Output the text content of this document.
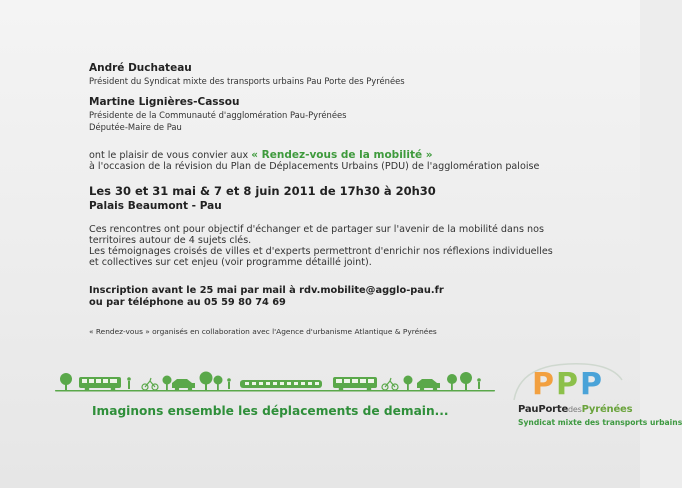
André Duchateau
Président du Syndicat mixte des transports urbains Pau Porte des Pyrénées
Martine Lignières-Cassou
Présidente de la Communauté d'agglomération Pau-Pyrénées
Députée-Maire de Pau
ont le plaisir de vous convier aux « Rendez-vous de la mobilité »
à l'occasion de la révision du Plan de Déplacements Urbains (PDU) de l'agglomération paloise
Les 30 et 31 mai & 7 et 8 juin 2011 de 17h30 à 20h30
Palais Beaumont - Pau
Ces rencontres ont pour objectif d'échanger et de partager sur l'avenir de la mobilité dans nos
territoires autour de 4 sujets clés.
Les témoignages croisés de villes et d'experts permettront d'enrichir nos réflexions individuelles
et collectives sur cet enjeu (voir programme détaillé joint).
Inscription avant le 25 mai par mail à rdv.mobilite@agglo-pau.fr
ou par téléphone au 05 59 80 74 69
« Rendez-vous » organisés en collaboration avec l'Agence d'urbanisme Atlantique & Pyrénées
Imaginons ensemble les déplacements de demain...
P P P
PauPortedesPyrénées
Syndicat mixte des transports urbains
